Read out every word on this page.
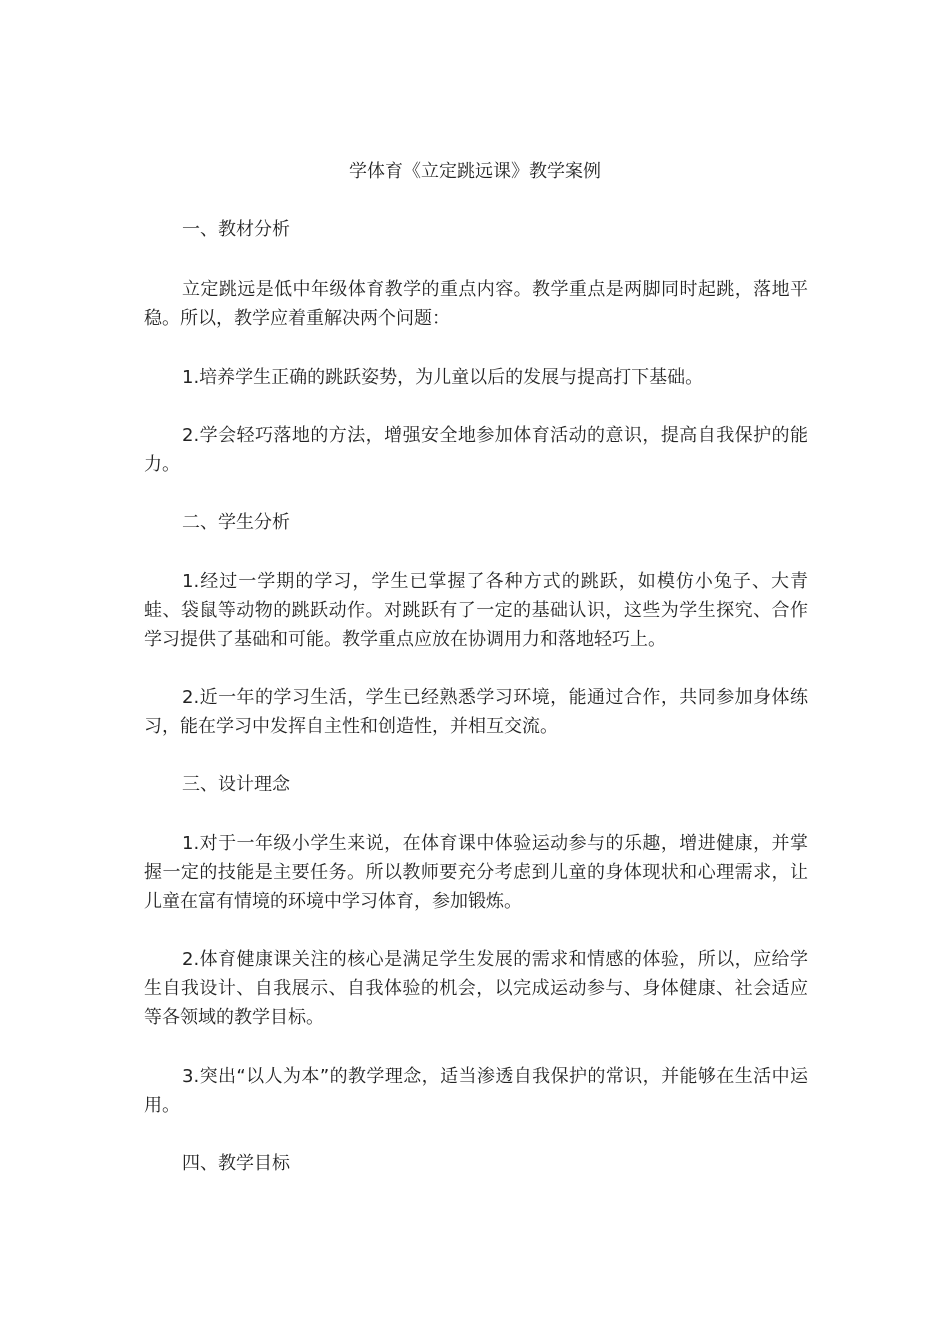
学体育《立定跳远课》教学案例

一、教材分析

立定跳远是低中年级体育教学的重点内容。教学重点是两脚同时起跳，落地平稳。所以，教学应着重解决两个问题：

1.培养学生正确的跳跃姿势，为儿童以后的发展与提高打下基础。

2.学会轻巧落地的方法，增强安全地参加体育活动的意识，提高自我保护的能力。

二、学生分析

1.经过一学期的学习，学生已掌握了各种方式的跳跃，如模仿小兔子、大青蛙、袋鼠等动物的跳跃动作。对跳跃有了一定的基础认识，这些为学生探究、合作学习提供了基础和可能。教学重点应放在协调用力和落地轻巧上。

2.近一年的学习生活，学生已经熟悉学习环境，能通过合作，共同参加身体练习，能在学习中发挥自主性和创造性，并相互交流。

三、设计理念

1.对于一年级小学生来说，在体育课中体验运动参与的乐趣，增进健康，并掌握一定的技能是主要任务。所以教师要充分考虑到儿童的身体现状和心理需求，让儿童在富有情境的环境中学习体育，参加锻炼。

2.体育健康课关注的核心是满足学生发展的需求和情感的体验，所以，应给学生自我设计、自我展示、自我体验的机会，以完成运动参与、身体健康、社会适应等各领域的教学目标。

3.突出“以人为本”的教学理念，适当渗透自我保护的常识，并能够在生活中运用。

四、教学目标
